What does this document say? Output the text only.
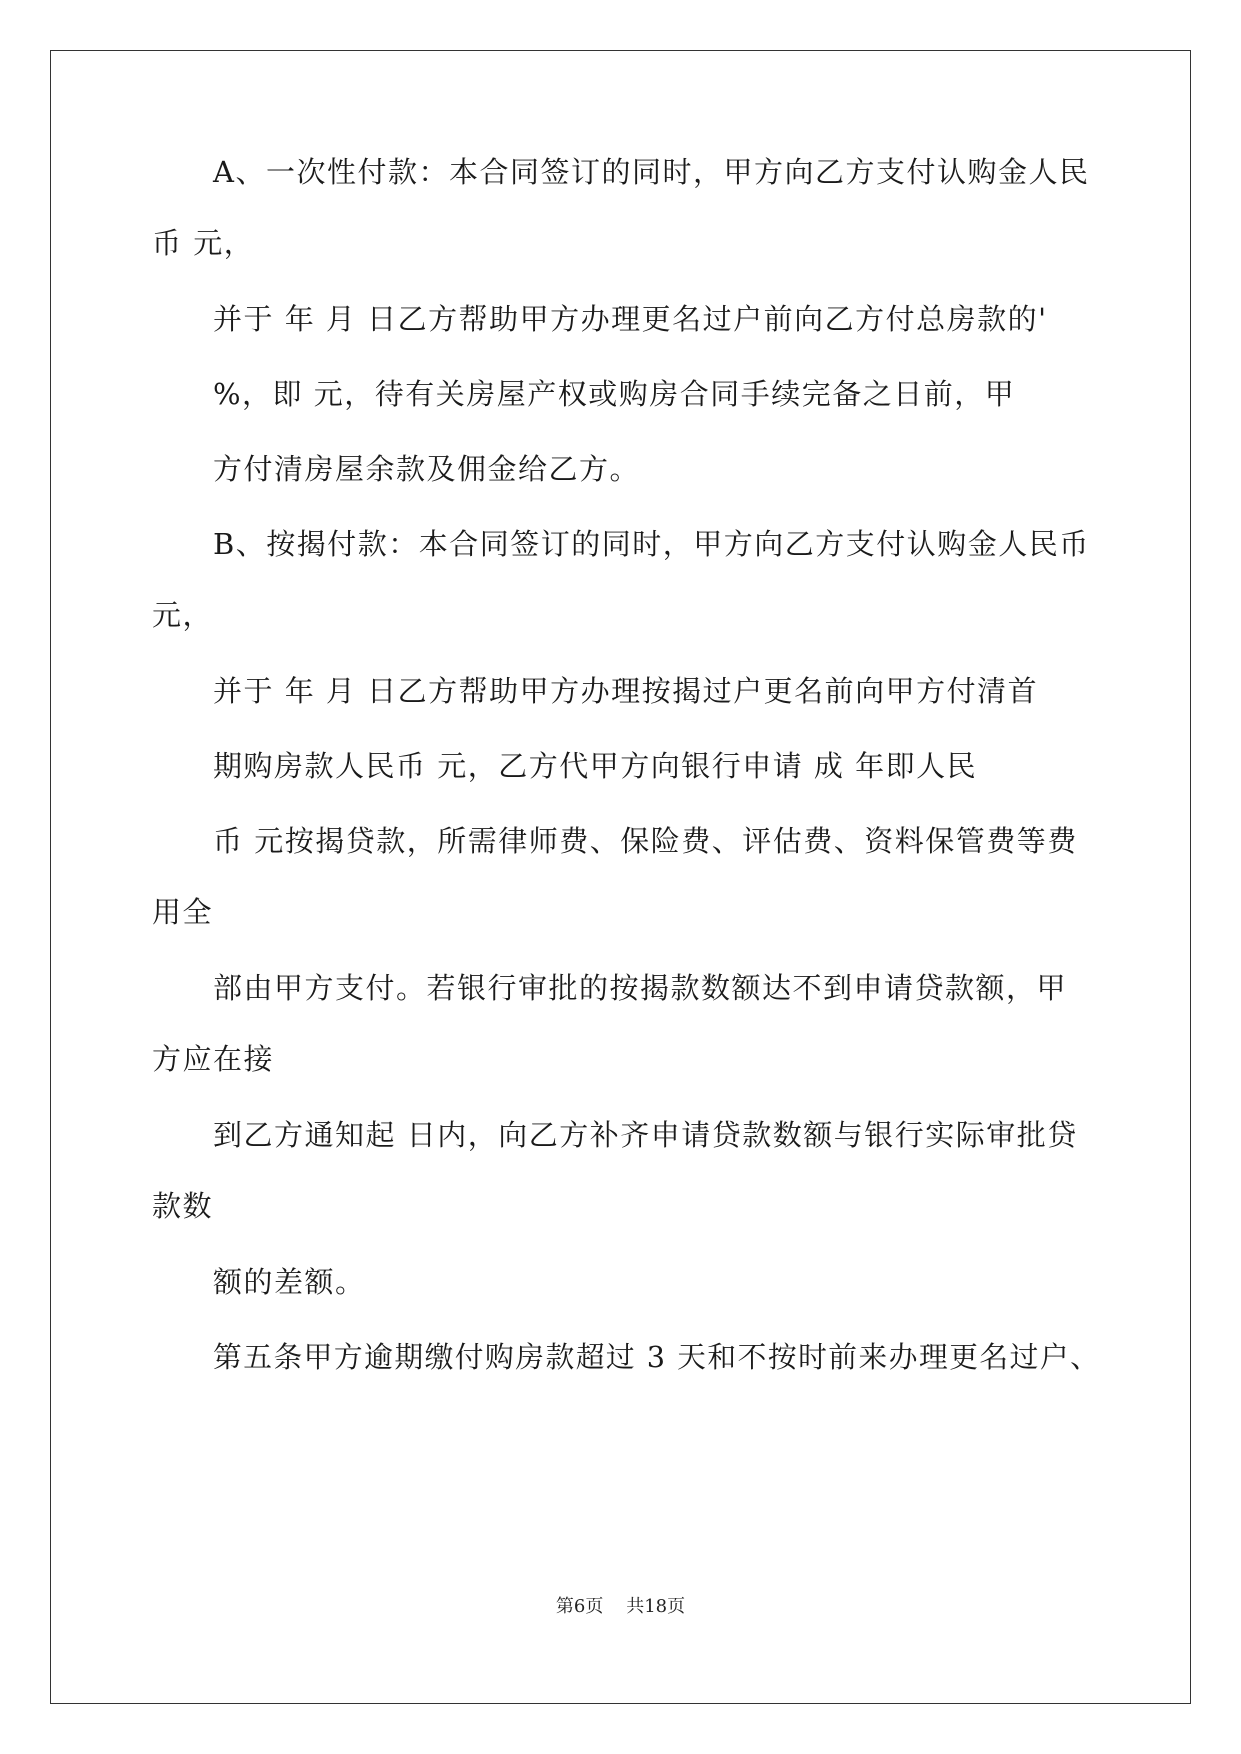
A、一次性付款：本合同签订的同时，甲方向乙方支付认购金人民
币 元，
并于 年 月 日乙方帮助甲方办理更名过户前向乙方付总房款的'
%，即 元，待有关房屋产权或购房合同手续完备之日前，甲
方付清房屋余款及佣金给乙方。
B、按揭付款：本合同签订的同时，甲方向乙方支付认购金人民币
元，
并于 年 月 日乙方帮助甲方办理按揭过户更名前向甲方付清首
期购房款人民币 元，乙方代甲方向银行申请 成 年即人民
币 元按揭贷款，所需律师费、保险费、评估费、资料保管费等费
用全
部由甲方支付。若银行审批的按揭款数额达不到申请贷款额，甲
方应在接
到乙方通知起 日内，向乙方补齐申请贷款数额与银行实际审批贷
款数
额的差额。
第五条甲方逾期缴付购房款超过 3 天和不按时前来办理更名过户、
第6页 共18页
